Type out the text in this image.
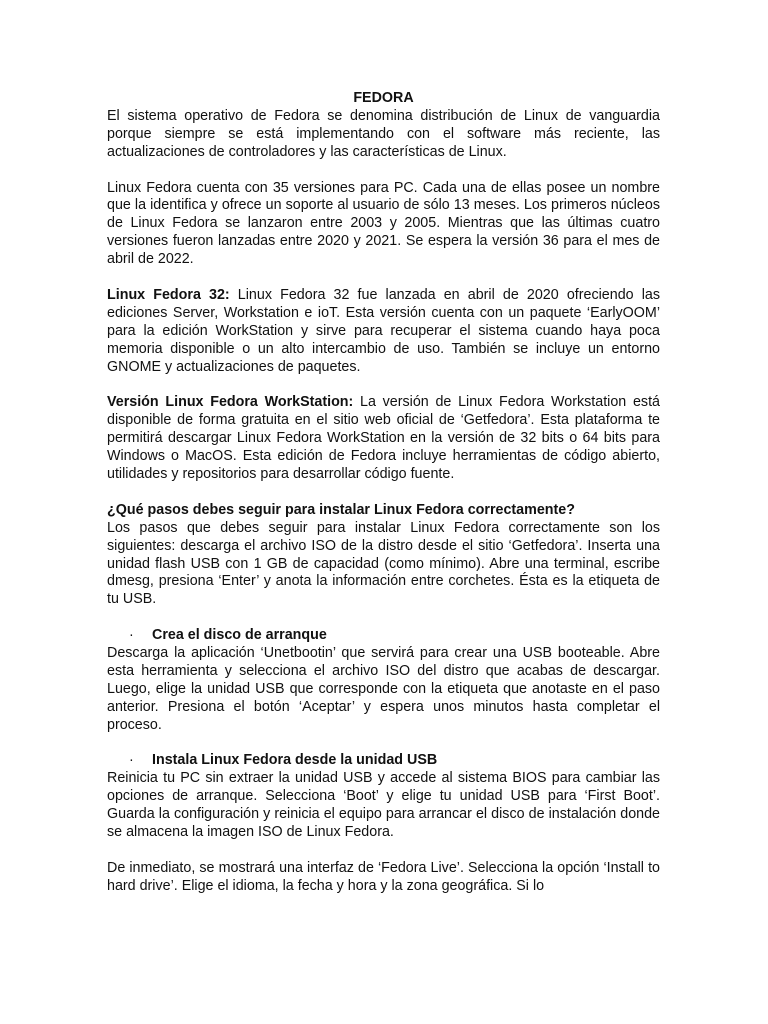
FEDORA

El sistema operativo de Fedora se denomina distribución de Linux de vanguardia porque siempre se está implementando con el software más reciente, las actualizaciones de controladores y las características de Linux.

Linux Fedora cuenta con 35 versiones para PC. Cada una de ellas posee un nombre que la identifica y ofrece un soporte al usuario de sólo 13 meses. Los primeros núcleos de Linux Fedora se lanzaron entre 2003 y 2005. Mientras que las últimas cuatro versiones fueron lanzadas entre 2020 y 2021. Se espera la versión 36 para el mes de abril de 2022.

Linux Fedora 32: Linux Fedora 32 fue lanzada en abril de 2020 ofreciendo las ediciones Server, Workstation e ioT. Esta versión cuenta con un paquete ‘EarlyOOM’ para la edición WorkStation y sirve para recuperar el sistema cuando haya poca memoria disponible o un alto intercambio de uso. También se incluye un entorno GNOME y actualizaciones de paquetes.

Versión Linux Fedora WorkStation: La versión de Linux Fedora Workstation está disponible de forma gratuita en el sitio web oficial de ‘Getfedora’. Esta plataforma te permitirá descargar Linux Fedora WorkStation en la versión de 32 bits o 64 bits para Windows o MacOS. Esta edición de Fedora incluye herramientas de código abierto, utilidades y repositorios para desarrollar código fuente.

¿Qué pasos debes seguir para instalar Linux Fedora correctamente?

Los pasos que debes seguir para instalar Linux Fedora correctamente son los siguientes: descarga el archivo ISO de la distro desde el sitio ‘Getfedora’. Inserta una unidad flash USB con 1 GB de capacidad (como mínimo). Abre una terminal, escribe dmesg, presiona ‘Enter’ y anota la información entre corchetes. Ésta es la etiqueta de tu USB.

· Crea el disco de arranque

Descarga la aplicación ‘Unetbootin’ que servirá para crear una USB booteable. Abre esta herramienta y selecciona el archivo ISO del distro que acabas de descargar. Luego, elige la unidad USB que corresponde con la etiqueta que anotaste en el paso anterior. Presiona el botón ‘Aceptar’ y espera unos minutos hasta completar el proceso.

· Instala Linux Fedora desde la unidad USB

Reinicia tu PC sin extraer la unidad USB y accede al sistema BIOS para cambiar las opciones de arranque. Selecciona ‘Boot’ y elige tu unidad USB para ‘First Boot’. Guarda la configuración y reinicia el equipo para arrancar el disco de instalación donde se almacena la imagen ISO de Linux Fedora.

De inmediato, se mostrará una interfaz de ‘Fedora Live’. Selecciona la opción ‘Install to hard drive’. Elige el idioma, la fecha y hora y la zona geográfica. Si lo
